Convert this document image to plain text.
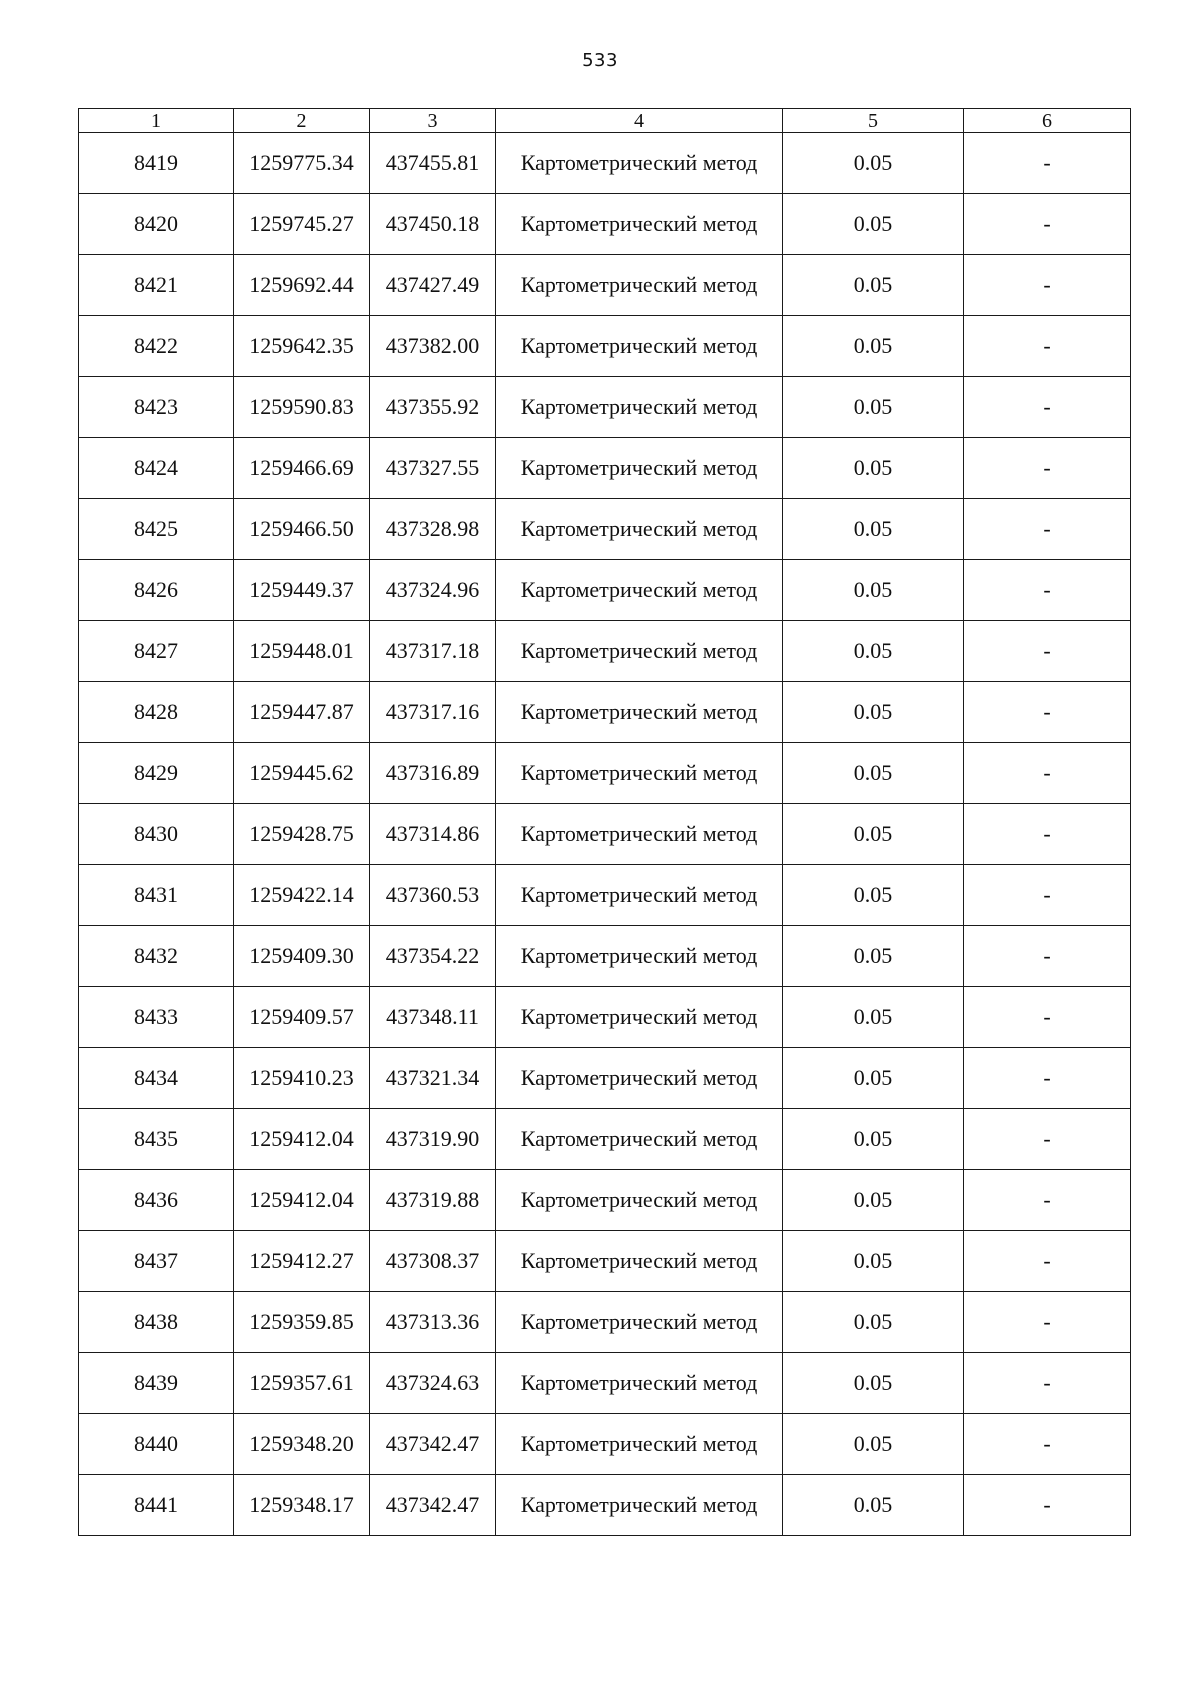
533
1	2	3	4	5	6
8419	1259775.34	437455.81	Картометрический метод	0.05	-
8420	1259745.27	437450.18	Картометрический метод	0.05	-
8421	1259692.44	437427.49	Картометрический метод	0.05	-
8422	1259642.35	437382.00	Картометрический метод	0.05	-
8423	1259590.83	437355.92	Картометрический метод	0.05	-
8424	1259466.69	437327.55	Картометрический метод	0.05	-
8425	1259466.50	437328.98	Картометрический метод	0.05	-
8426	1259449.37	437324.96	Картометрический метод	0.05	-
8427	1259448.01	437317.18	Картометрический метод	0.05	-
8428	1259447.87	437317.16	Картометрический метод	0.05	-
8429	1259445.62	437316.89	Картометрический метод	0.05	-
8430	1259428.75	437314.86	Картометрический метод	0.05	-
8431	1259422.14	437360.53	Картометрический метод	0.05	-
8432	1259409.30	437354.22	Картометрический метод	0.05	-
8433	1259409.57	437348.11	Картометрический метод	0.05	-
8434	1259410.23	437321.34	Картометрический метод	0.05	-
8435	1259412.04	437319.90	Картометрический метод	0.05	-
8436	1259412.04	437319.88	Картометрический метод	0.05	-
8437	1259412.27	437308.37	Картометрический метод	0.05	-
8438	1259359.85	437313.36	Картометрический метод	0.05	-
8439	1259357.61	437324.63	Картометрический метод	0.05	-
8440	1259348.20	437342.47	Картометрический метод	0.05	-
8441	1259348.17	437342.47	Картометрический метод	0.05	-
